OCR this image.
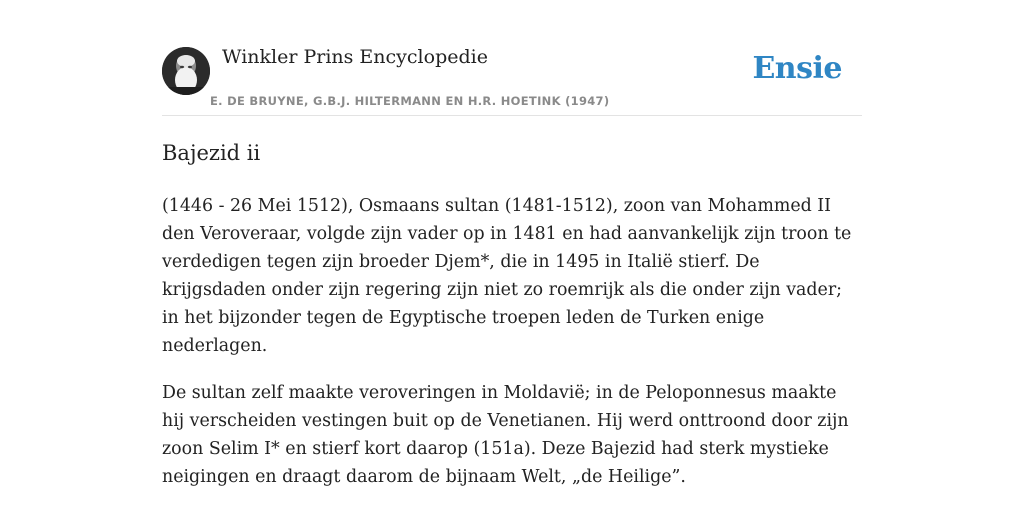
Winkler Prins Encyclopedie
E. DE BRUYNE, G.B.J. HILTERMANN EN H.R. HOETINK (1947)
Ensie
Bajezid ii

(1446 - 26 Mei 1512), Osmaans sultan (1481-1512), zoon van Mohammed II den Veroveraar, volgde zijn vader op in 1481 en had aanvankelijk zijn troon te verdedigen tegen zijn broeder Djem*, die in 1495 in Italië stierf. De krijgsdaden onder zijn regering zijn niet zo roemrijk als die onder zijn vader; in het bijzonder tegen de Egyptische troepen leden de Turken enige nederlagen.

De sultan zelf maakte veroveringen in Moldavië; in de Peloponnesus maakte hij verscheiden vestingen buit op de Venetianen. Hij werd onttroond door zijn zoon Selim I* en stierf kort daarop (151a). Deze Bajezid had sterk mystieke neigingen en draagt daarom de bijnaam Welt, „de Heilige”.
